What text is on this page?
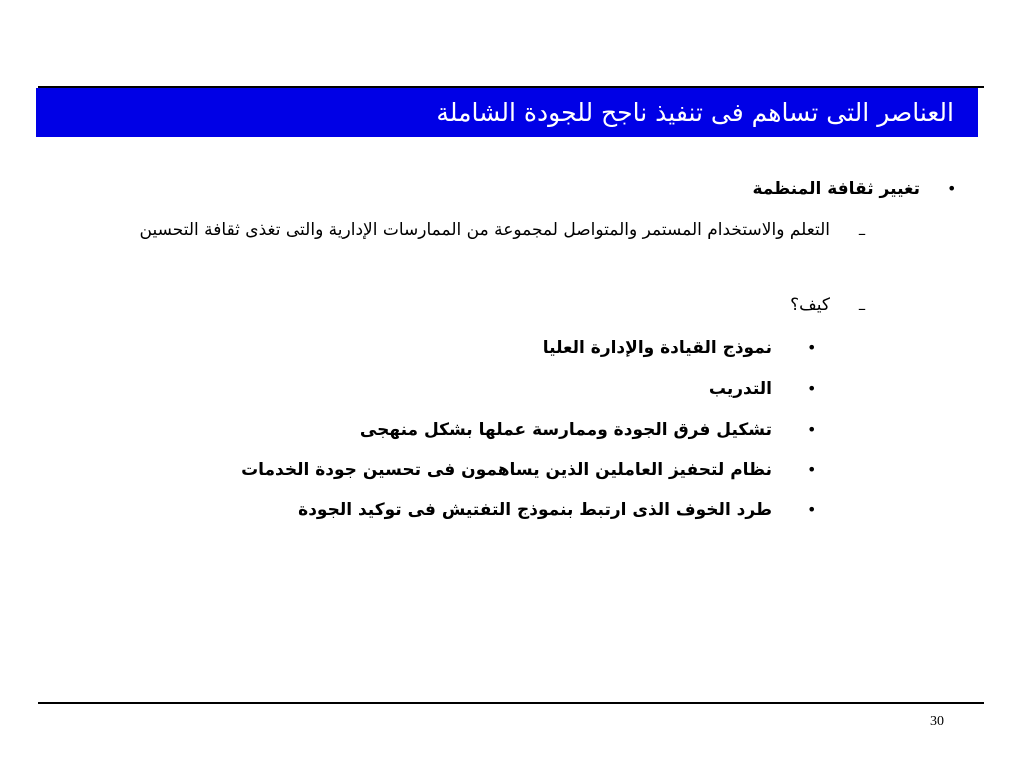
العناصر التى تساهم فى تنفيذ ناجح للجودة الشاملة
•
تغيير ثقافة المنظمة
–
التعلم والاستخدام المستمر والمتواصل لمجموعة من الممارسات الإدارية والتى تغذى ثقافة التحسين
–
كيف؟
•
نموذج القيادة والإدارة العليا
•
التدريب
•
تشكيل فرق الجودة وممارسة عملها بشكل منهجى
•
نظام لتحفيز العاملين الذين يساهمون فى تحسين جودة الخدمات
•
طرد الخوف الذى ارتبط بنموذج التفتيش فى توكيد الجودة
30
